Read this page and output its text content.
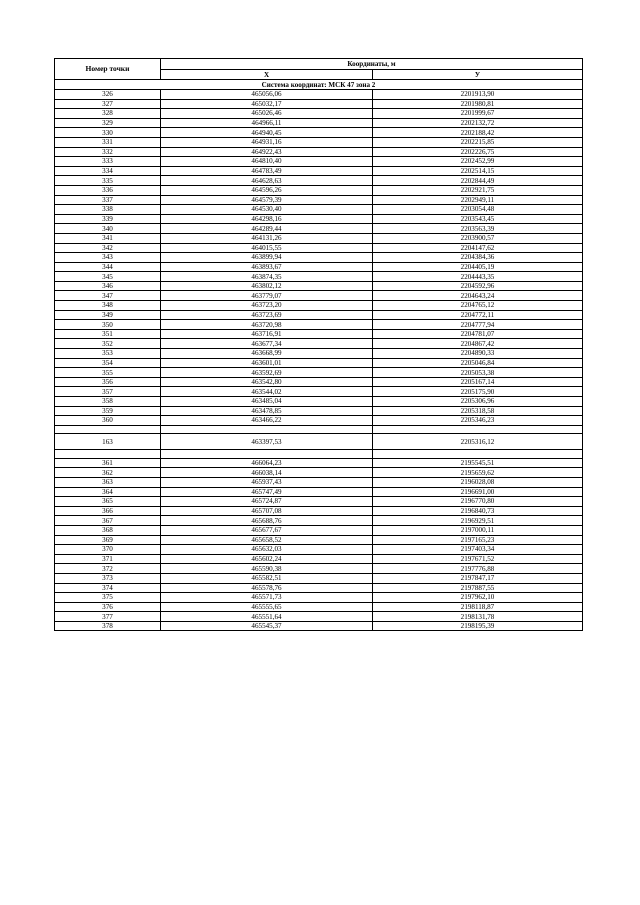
Номер точки	Координаты, м	
	Х	У
Система координат: МСК 47 зона 2		
326	465056,06	2201913,90
327	465032,17	2201980,81
328	465026,46	2201999,67
329	464966,11	2202132,72
330	464940,45	2202188,42
331	464931,16	2202215,85
332	464922,43	2202226,75
333	464810,40	2202452,99
334	464783,49	2202514,15
335	464628,63	2202844,49
336	464596,26	2202921,75
337	464579,39	2202949,11
338	464530,40	2203054,48
339	464298,16	2203543,45
340	464289,44	2203563,39
341	464131,26	2203900,57
342	464015,55	2204147,62
343	463899,94	2204384,36
344	463893,67	2204405,19
345	463874,35	2204443,35
346	463802,12	2204592,96
347	463779,07	2204643,24
348	463723,20	2204765,12
349	463723,69	2204772,11
350	463720,98	2204777,94
351	463716,91	2204781,07
352	463677,34	2204867,42
353	463668,99	2204890,33
354	463601,01	2205046,84
355	463592,69	2205053,38
356	463542,80	2205167,14
357	463544,02	2205175,90
358	463485,04	2205306,96
359	463478,85	2205318,58
360	463466,22	2205346,23

163	463397,53	2205316,12

361	466064,23	2195545,51
362	466038,14	2195659,62
363	465937,43	2196028,08
364	465747,49	2196691,00
365	465724,87	2196770,80
366	465707,08	2196840,73
367	465688,76	2196929,51
368	465677,67	2197000,11
369	465658,52	2197165,23
370	465632,03	2197403,34
371	465602,24	2197671,52
372	465590,38	2197776,88
373	465582,51	2197847,17
374	465578,76	2197887,55
375	465571,73	2197962,10
376	465555,65	2198118,87
377	465551,64	2198131,78
378	465545,37	2198195,39
